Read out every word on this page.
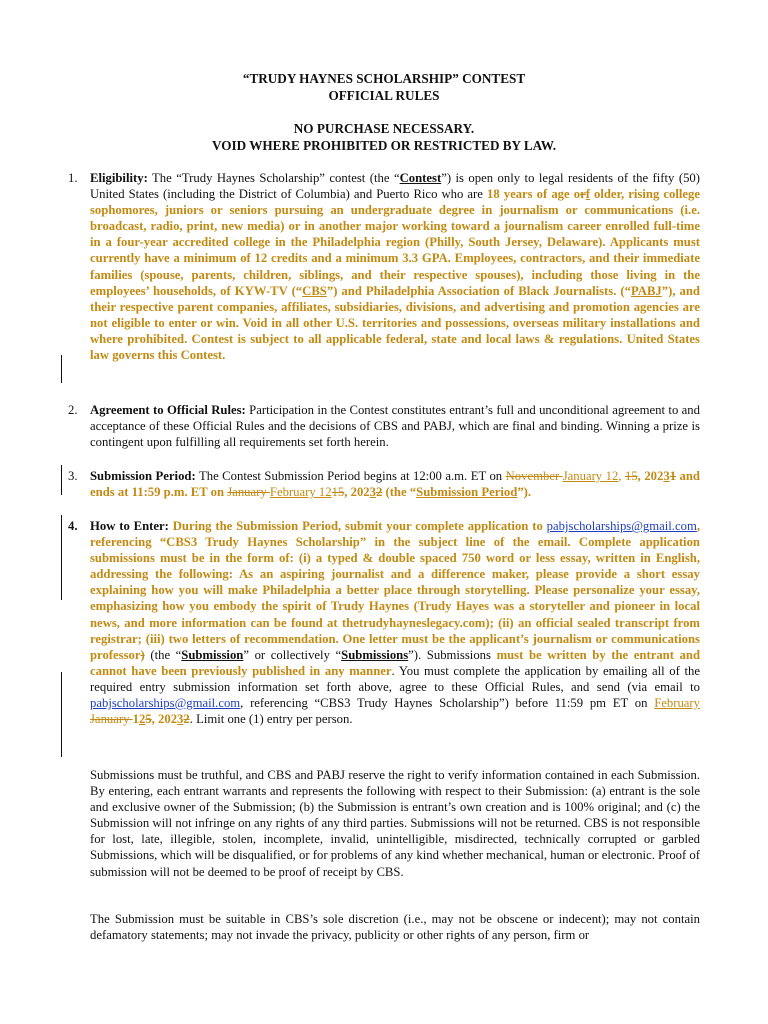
“TRUDY HAYNES SCHOLARSHIP” CONTEST
OFFICIAL RULES
NO PURCHASE NECESSARY.
VOID WHERE PROHIBITED OR RESTRICTED BY LAW.
1. Eligibility: The “Trudy Haynes Scholarship” contest (the “Contest”) is open only to legal residents of the fifty (50) United States (including the District of Columbia) and Puerto Rico who are 18 years of age orf older, rising college sophomores, juniors or seniors pursuing an undergraduate degree in journalism or communications (i.e. broadcast, radio, print, new media) or in another major working toward a journalism career enrolled full-time in a four-year accredited college in the Philadelphia region (Philly, South Jersey, Delaware). Applicants must currently have a minimum of 12 credits and a minimum 3.3 GPA. Employees, contractors, and their immediate families (spouse, parents, children, siblings, and their respective spouses), including those living in the employees’ households, of KYW-TV (“CBS”) and Philadelphia Association of Black Journalists. (“PABJ”), and their respective parent companies, affiliates, subsidiaries, divisions, and advertising and promotion agencies are not eligible to enter or win. Void in all other U.S. territories and possessions, overseas military installations and where prohibited. Contest is subject to all applicable federal, state and local laws & regulations. United States law governs this Contest.
2. Agreement to Official Rules: Participation in the Contest constitutes entrant’s full and unconditional agreement to and acceptance of these Official Rules and the decisions of CBS and PABJ, which are final and binding. Winning a prize is contingent upon fulfilling all requirements set forth herein.
3. Submission Period: The Contest Submission Period begins at 12:00 a.m. ET on November January 12, 15, 20231 and ends at 11:59 p.m. ET on January February 1215, 20232 (the “Submission Period”).
4. How to Enter: During the Submission Period, submit your complete application to pabjscholarships@gmail.com, referencing “CBS3 Trudy Haynes Scholarship” in the subject line of the email. Complete application submissions must be in the form of: (i) a typed & double spaced 750 word or less essay, written in English, addressing the following: As an aspiring journalist and a difference maker, please provide a short essay explaining how you will make Philadelphia a better place through storytelling. Please personalize your essay, emphasizing how you embody the spirit of Trudy Haynes (Trudy Hayes was a storyteller and pioneer in local news, and more information can be found at thetrudyhayneslegacy.com); (ii) an official sealed transcript from registrar; (iii) two letters of recommendation. One letter must be the applicant’s journalism or communications professor) (the “Submission” or collectively “Submissions”). Submissions must be written by the entrant and cannot have been previously published in any manner. You must complete the application by emailing all of the required entry submission information set forth above, agree to these Official Rules, and send (via email to pabjscholarships@gmail.com, referencing “CBS3 Trudy Haynes Scholarship”) before 11:59 pm ET on February January 125, 20232. Limit one (1) entry per person.
Submissions must be truthful, and CBS and PABJ reserve the right to verify information contained in each Submission. By entering, each entrant warrants and represents the following with respect to their Submission: (a) entrant is the sole and exclusive owner of the Submission; (b) the Submission is entrant’s own creation and is 100% original; and (c) the Submission will not infringe on any rights of any third parties. Submissions will not be returned. CBS is not responsible for lost, late, illegible, stolen, incomplete, invalid, unintelligible, misdirected, technically corrupted or garbled Submissions, which will be disqualified, or for problems of any kind whether mechanical, human or electronic. Proof of submission will not be deemed to be proof of receipt by CBS.
The Submission must be suitable in CBS’s sole discretion (i.e., may not be obscene or indecent); may not contain defamatory statements; may not invade the privacy, publicity or other rights of any person, firm or
